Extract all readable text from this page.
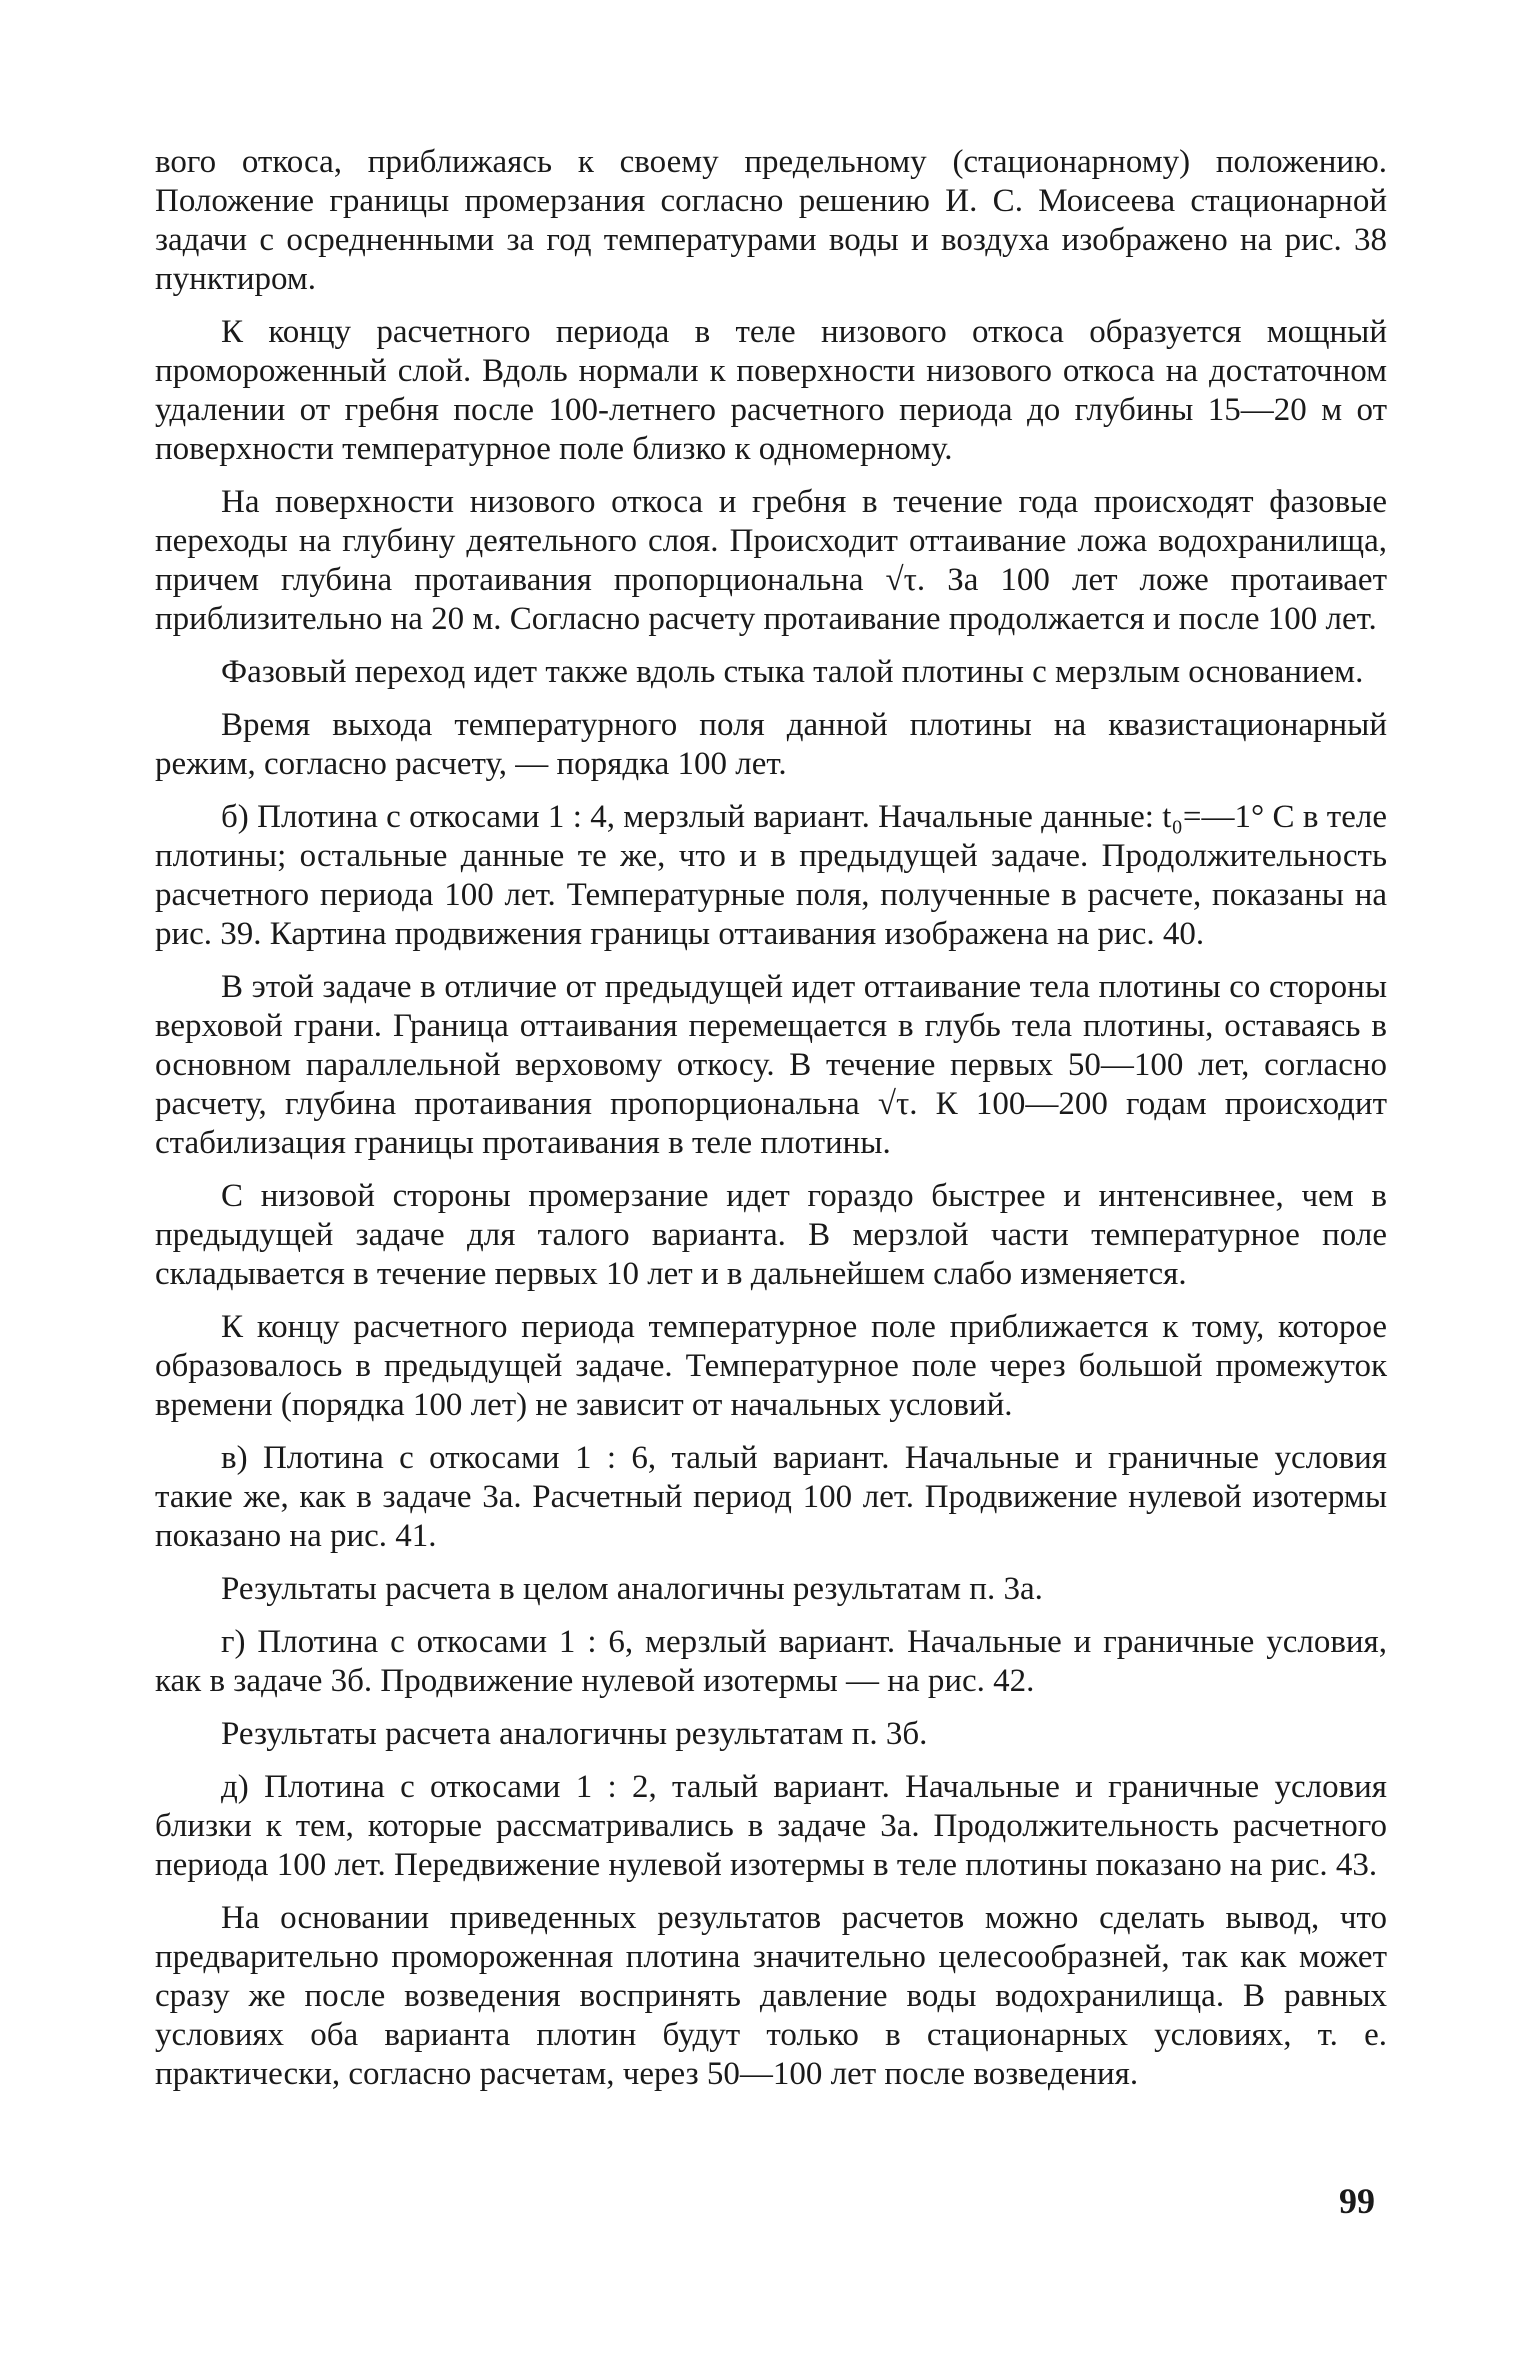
вого откоса, приближаясь к своему предельному (стационарному) положению. Положение границы промерзания согласно решению И. С. Моисеева стационарной задачи с осредненными за год температурами воды и воздуха изображено на рис. 38 пунктиром.

К концу расчетного периода в теле низового откоса образуется мощный промороженный слой. Вдоль нормали к поверхности низового откоса на достаточном удалении от гребня после 100-летнего расчетного периода до глубины 15—20 м от поверхности температурное поле близко к одномерному.

На поверхности низового откоса и гребня в течение года происходят фазовые переходы на глубину деятельного слоя. Происходит оттаивание ложа водохранилища, причем глубина протаивания пропорциональна √τ. За 100 лет ложе протаивает приблизительно на 20 м. Согласно расчету протаивание продолжается и после 100 лет.

Фазовый переход идет также вдоль стыка талой плотины с мерзлым основанием.

Время выхода температурного поля данной плотины на квазистационарный режим, согласно расчету, — порядка 100 лет.

б) Плотина с откосами 1 : 4, мерзлый вариант. Начальные данные: t₀=—1° С в теле плотины; остальные данные те же, что и в предыдущей задаче. Продолжительность расчетного периода 100 лет. Температурные поля, полученные в расчете, показаны на рис. 39. Картина продвижения границы оттаивания изображена на рис. 40.

В этой задаче в отличие от предыдущей идет оттаивание тела плотины со стороны верховой грани. Граница оттаивания перемещается в глубь тела плотины, оставаясь в основном параллельной верховому откосу. В течение первых 50—100 лет, согласно расчету, глубина протаивания пропорциональна √τ. К 100—200 годам происходит стабилизация границы протаивания в теле плотины.

С низовой стороны промерзание идет гораздо быстрее и интенсивнее, чем в предыдущей задаче для талого варианта. В мерзлой части температурное поле складывается в течение первых 10 лет и в дальнейшем слабо изменяется.

К концу расчетного периода температурное поле приближается к тому, которое образовалось в предыдущей задаче. Температурное поле через большой промежуток времени (порядка 100 лет) не зависит от начальных условий.

в) Плотина с откосами 1 : 6, талый вариант. Начальные и граничные условия такие же, как в задаче 3а. Расчетный период 100 лет. Продвижение нулевой изотермы показано на рис. 41.

Результаты расчета в целом аналогичны результатам п. 3а.

г) Плотина с откосами 1 : 6, мерзлый вариант. Начальные и граничные условия, как в задаче 3б. Продвижение нулевой изотермы — на рис. 42.

Результаты расчета аналогичны результатам п. 3б.

д) Плотина с откосами 1 : 2, талый вариант. Начальные и граничные условия близки к тем, которые рассматривались в задаче 3а. Продолжительность расчетного периода 100 лет. Передвижение нулевой изотермы в теле плотины показано на рис. 43.

На основании приведенных результатов расчетов можно сделать вывод, что предварительно промороженная плотина значительно целесообразней, так как может сразу же после возведения воспринять давление воды водохранилища. В равных условиях оба варианта плотин будут только в стационарных условиях, т. е. практически, согласно расчетам, через 50—100 лет после возведения.

99
